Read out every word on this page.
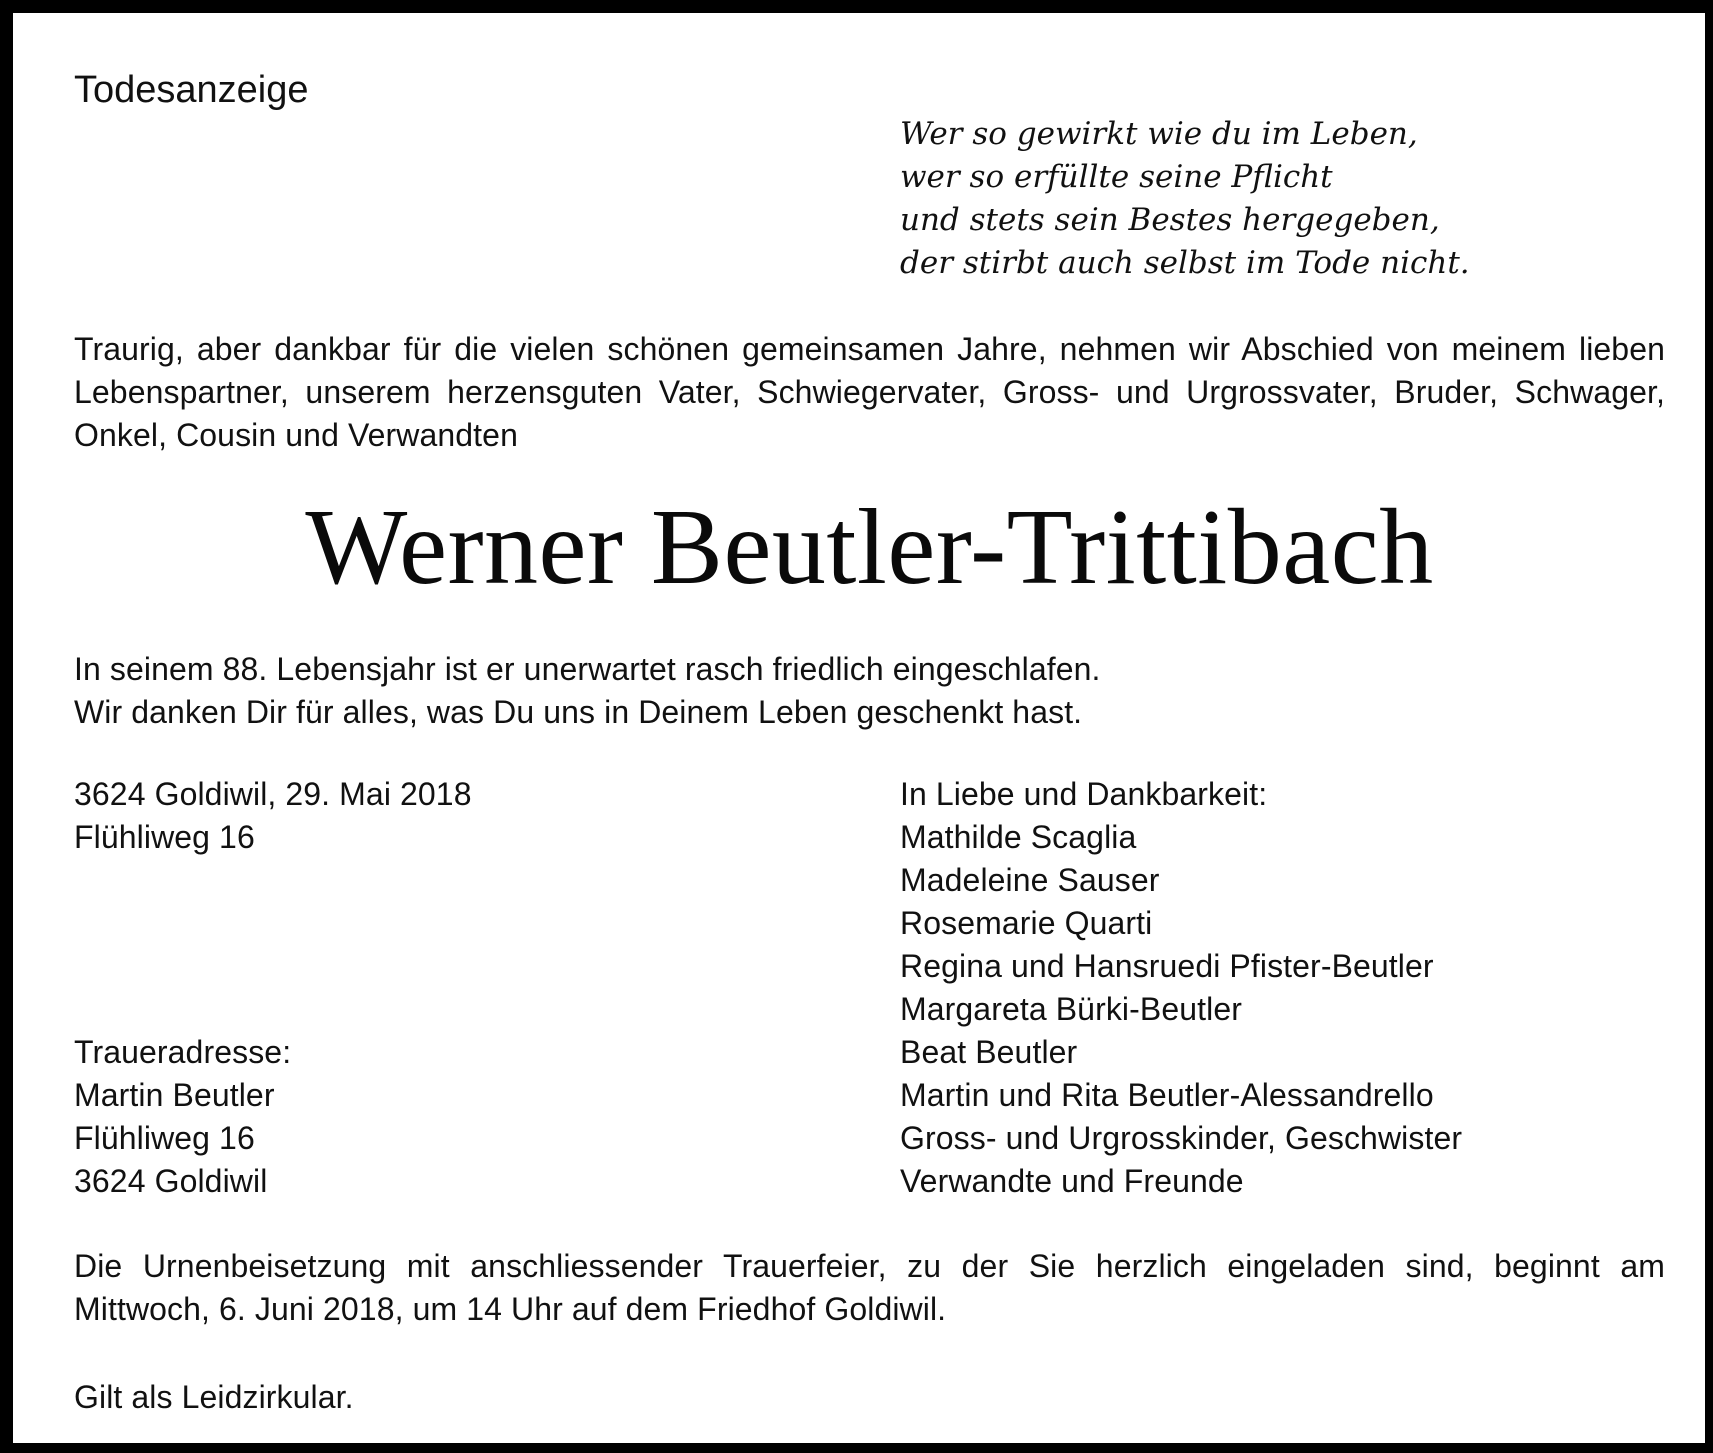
Todesanzeige
Wer so gewirkt wie du im Leben,
wer so erfüllte seine Pflicht
und stets sein Bestes hergegeben,
der stirbt auch selbst im Tode nicht.
Traurig, aber dankbar für die vielen schönen gemeinsamen Jahre, nehmen wir Abschied von meinem lieben Lebenspartner, unserem herzensguten Vater, Schwiegervater, Gross- und Urgrossvater, Bruder, Schwager, Onkel, Cousin und Verwandten
Werner Beutler-Trittibach
In seinem 88. Lebensjahr ist er unerwartet rasch friedlich eingeschlafen.
Wir danken Dir für alles, was Du uns in Deinem Leben geschenkt hast.
3624 Goldiwil, 29. Mai 2018
Flühliweg 16
In Liebe und Dankbarkeit:
Mathilde Scaglia
Madeleine Sauser
Rosemarie Quarti
Regina und Hansruedi Pfister-Beutler
Margareta Bürki-Beutler
Beat Beutler
Martin und Rita Beutler-Alessandrello
Gross- und Urgrosskinder, Geschwister
Verwandte und Freunde
Traueradresse:
Martin Beutler
Flühliweg 16
3624 Goldiwil
Die Urnenbeisetzung mit anschliessender Trauerfeier, zu der Sie herzlich eingeladen sind, beginnt am Mittwoch, 6. Juni 2018, um 14 Uhr auf dem Friedhof Goldiwil.
Gilt als Leidzirkular.
